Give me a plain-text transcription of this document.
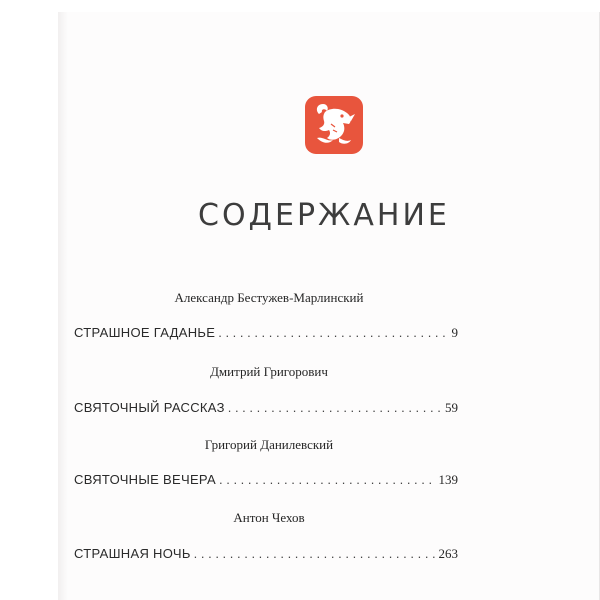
СОДЕРЖАНИЕ
Александр Бестужев-Марлинский
СТРАШНОЕ ГАДАНЬЕ . . .	9
Дмитрий Григорович
СВЯТОЧНЫЙ РАССКАЗ . . .	59
Григорий Данилевский
СВЯТОЧНЫЕ ВЕЧЕРА . . .	139
Антон Чехов
СТРАШНАЯ НОЧЬ . . .	263
